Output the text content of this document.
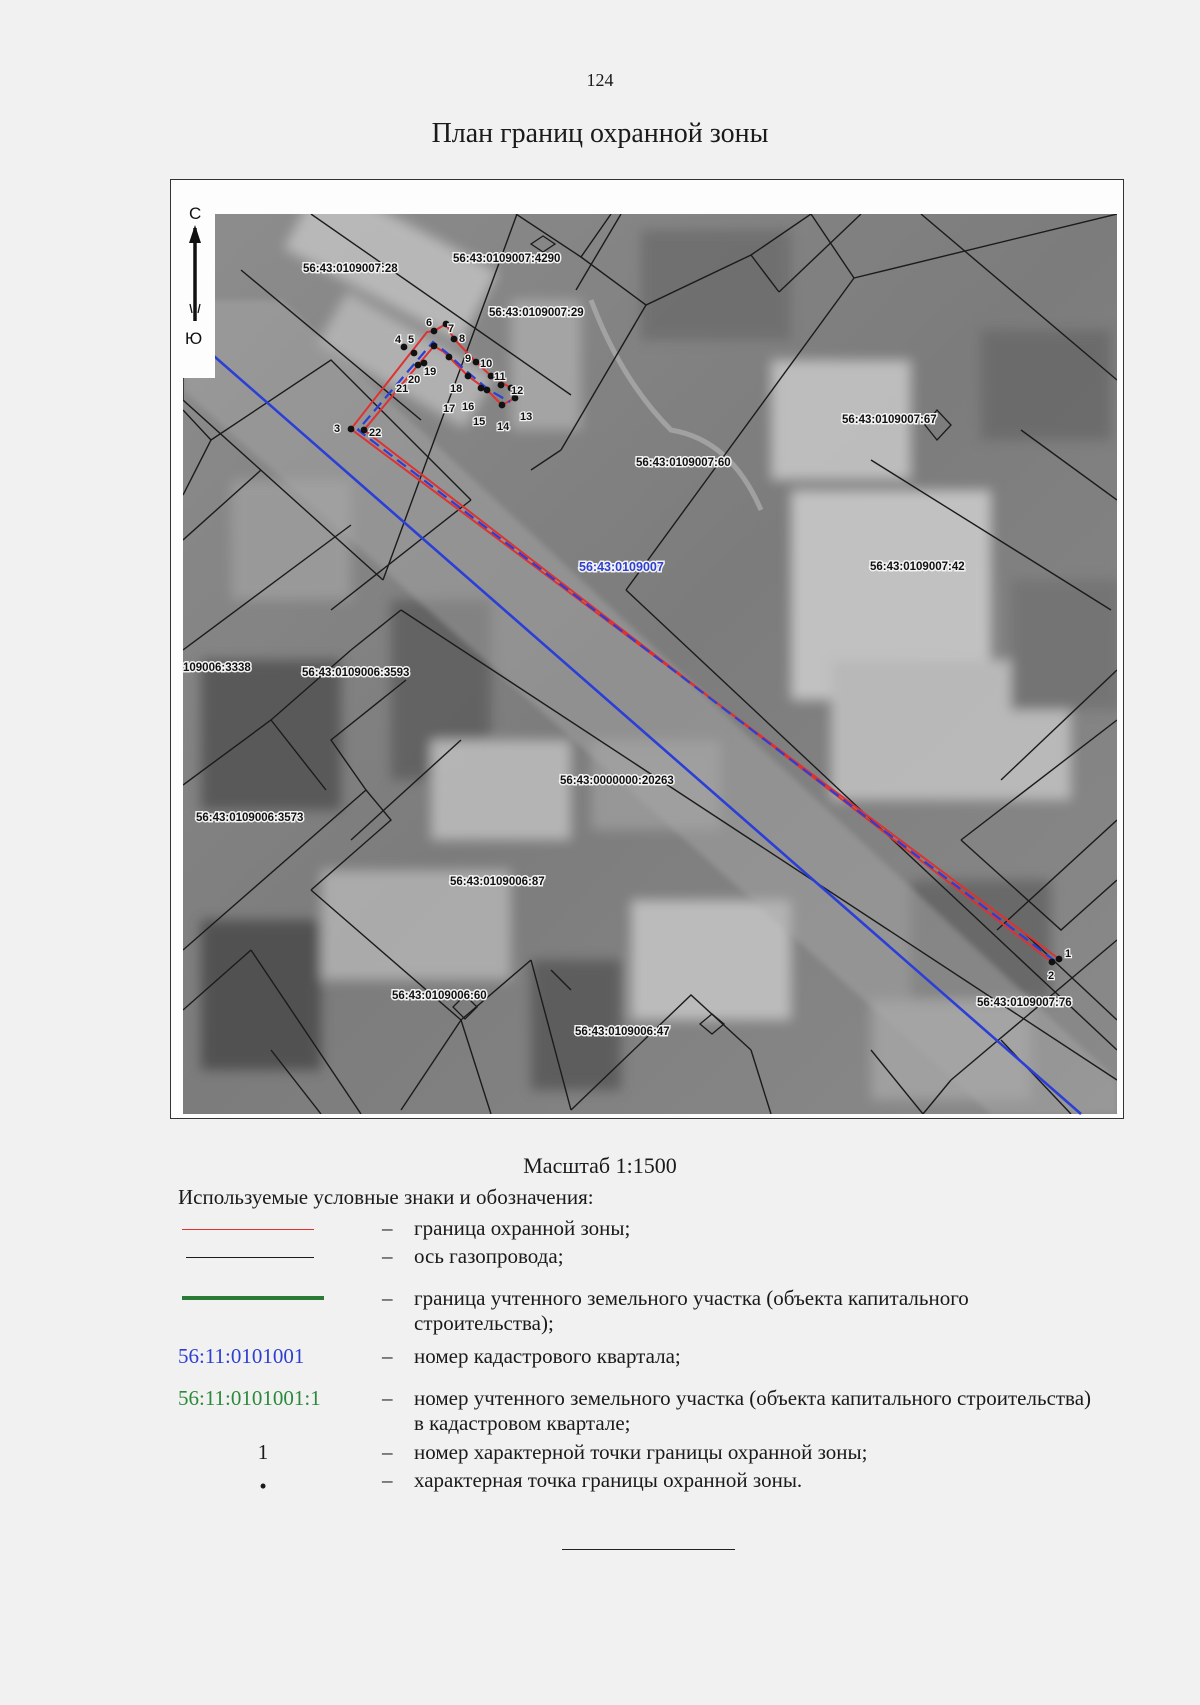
124
План границ охранной зоны
1
2
3
4 5
6 7
8
9 10
11
12
13
14
15
16
17
18
19
20
21
22
56:43:0109007:28
56:43:0109007:4290
56:43:0109007:29
56:43:0109007:67
56:43:0109007:60
56:43:0109007:42
109006:3338	56:43:0109006:3593
56:43:0000000:20263
56:43:0109006:3573
56:43:0109006:87
56:43:0109006:60
56:43:0109006:47
56:43:0109007:76
56:43:0109007
С
Ю
Масштаб 1:1500
Используемые условные знаки и обозначения:
– граница охранной зоны;
– ось газопровода;
– граница учтенного земельного участка (объекта капитального строительства);
56:11:0101001	– номер кадастрового квартала;
56:11:0101001:1	– номер учтенного земельного участка (объекта капитального строительства) в кадастровом квартале;
1	– номер характерной точки границы охранной зоны;
•	– характерная точка границы охранной зоны.
